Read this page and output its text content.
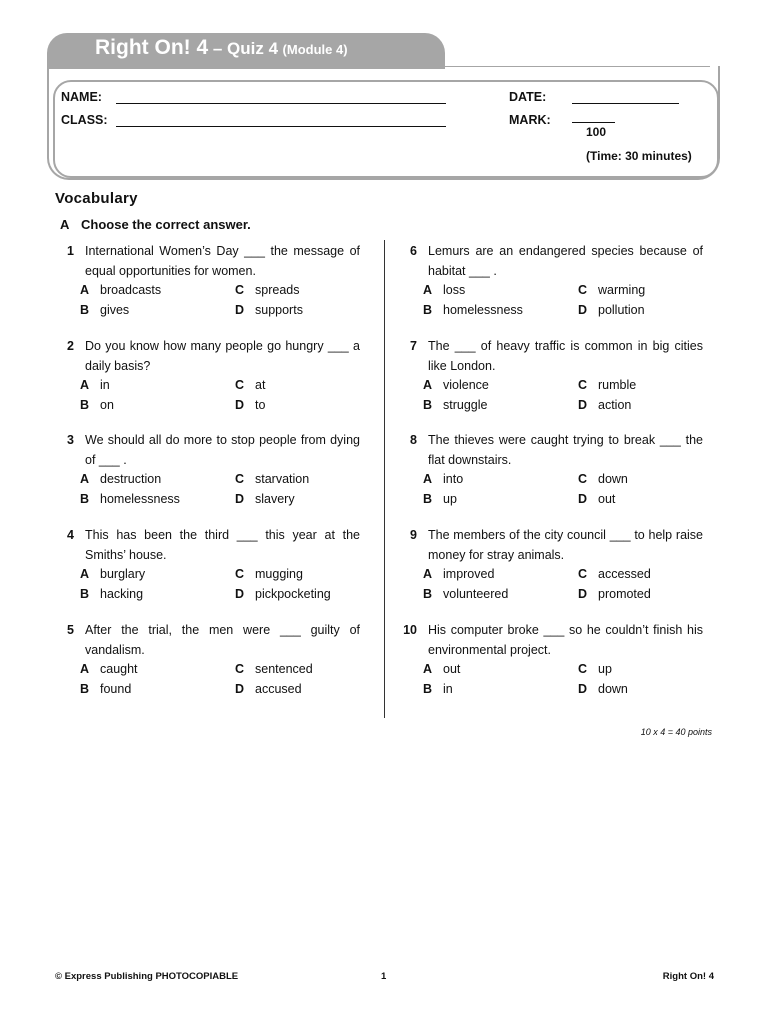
Right On! 4 – Quiz 4 (Module 4)
NAME:
CLASS:
DATE:
MARK:
100
(Time: 30 minutes)
Vocabulary
A Choose the correct answer.
1 International Women’s Day ___ the message of equal opportunities for women.
A broadcasts	C spreads
B gives	D supports
2 Do you know how many people go hungry ___ a daily basis?
A in	C at
B on	D to
3 We should all do more to stop people from dying of ___ .
A destruction	C starvation
B homelessness	D slavery
4 This has been the third ___ this year at the Smiths’ house.
A burglary	C mugging
B hacking	D pickpocketing
5 After the trial, the men were ___ guilty of vandalism.
A caught	C sentenced
B found	D accused
6 Lemurs are an endangered species because of habitat ___ .
A loss	C warming
B homelessness	D pollution
7 The ___ of heavy traffic is common in big cities like London.
A violence	C rumble
B struggle	D action
8 The thieves were caught trying to break ___ the flat downstairs.
A into	C down
B up	D out
9 The members of the city council ___ to help raise money for stray animals.
A improved	C accessed
B volunteered	D promoted
10 His computer broke ___ so he couldn’t finish his environmental project.
A out	C up
B in	D down
10 x 4 = 40 points
© Express Publishing PHOTOCOPIABLE	1	Right On! 4
